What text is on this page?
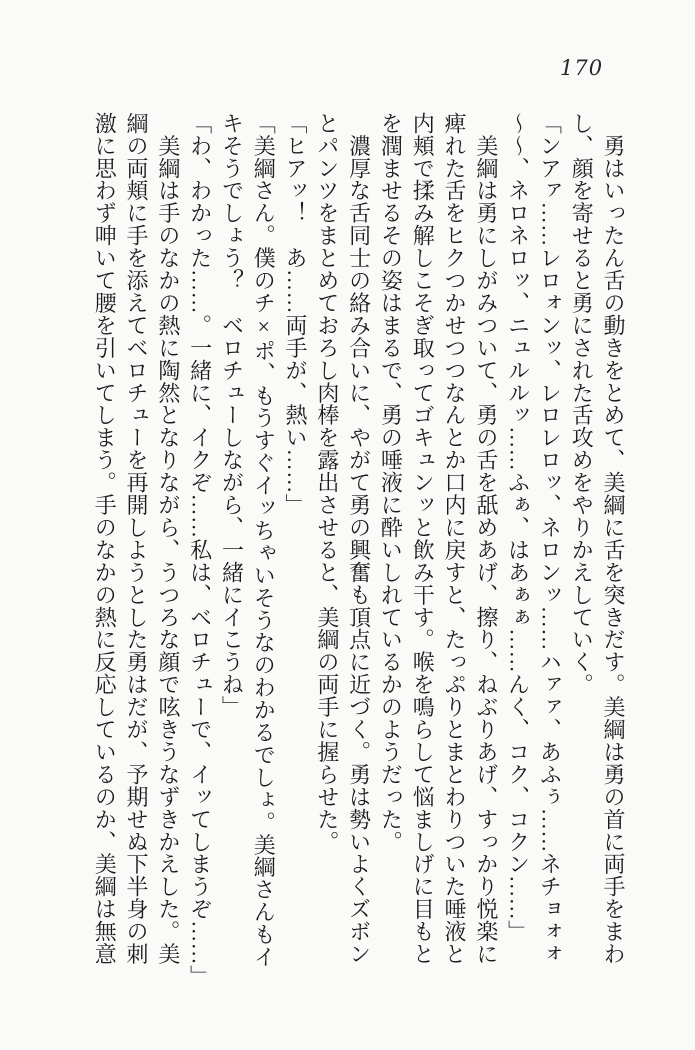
170
　勇はいったん舌の動きをとめて、美綱に舌を突きだす。美綱は勇の首に両手をまわ
し、顔を寄せると勇にされた舌攻めをやりかえしていく。
「ンアァ……レロォンッ、レロレロッ、ネロンッ……ハァァ、あふぅ……ネチョォォ
～～、ネロネロッ、ニュルルッ……ふぁ、はあぁぁ……んく、コク、コクン……」
　美綱は勇にしがみついて、勇の舌を舐めあげ、擦り、ねぶりあげ、すっかり悦楽に
痺れた舌をヒクつかせつつなんとか口内に戻すと、たっぷりとまとわりついた唾液と
内頬で揉み解しこそぎ取ってゴキュンッと飲み干す。喉を鳴らして悩ましげに目もと
を潤ませるその姿はまるで、勇の唾液に酔いしれているかのようだった。
　濃厚な舌同士の絡み合いに、やがて勇の興奮も頂点に近づく。勇は勢いよくズボン
とパンツをまとめておろし肉棒を露出させると、美綱の両手に握らせた。
「ヒアッ！　あ……両手が、熱い……」
「美綱さん。僕のチ×ポ、もうすぐイッちゃいそうなのわかるでしょ。美綱さんもイ
キそうでしょう？　ベロチューしながら、一緒にイこうね」
「わ、わかった……。一緒に、イクぞ……私は、ベロチューで、イッてしまうぞ……」
　美綱は手のなかの熱に陶然となりながら、うつろな顔で呟きうなずきかえした。美
綱の両頬に手を添えてベロチューを再開しようとした勇はだが、予期せぬ下半身の刺
激に思わず呻いて腰を引いてしまう。手のなかの熱に反応しているのか、美綱は無意
